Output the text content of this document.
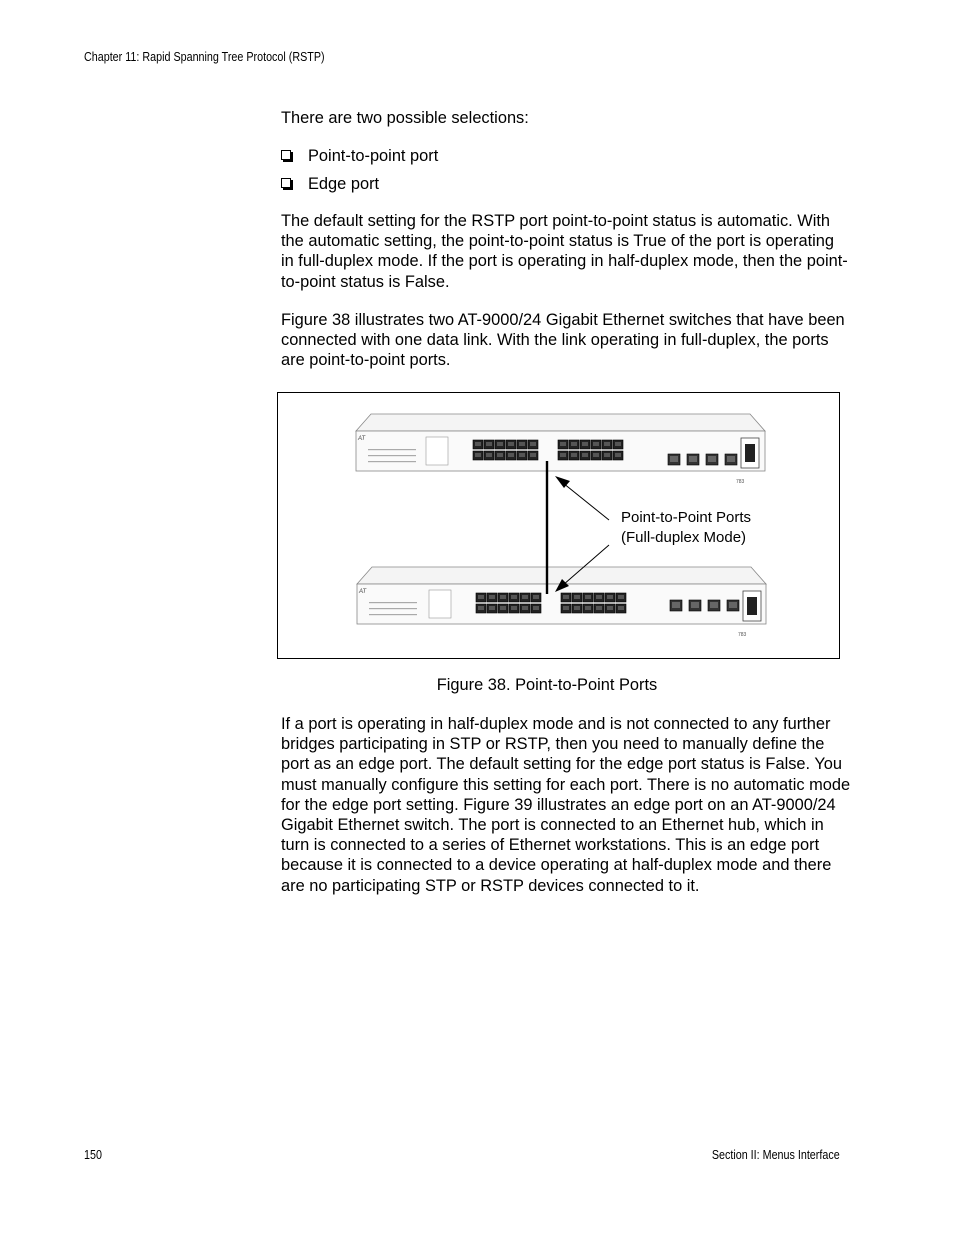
Chapter 11: Rapid Spanning Tree Protocol (RSTP)

There are two possible selections:

Point-to-point port
Edge port

The default setting for the RSTP port point-to-point status is automatic. With the automatic setting, the point-to-point status is True of the port is operating in full-duplex mode. If the port is operating in half-duplex mode, then the point-to-point status is False.

Figure 38 illustrates two AT-9000/24 Gigabit Ethernet switches that have been connected with one data link. With the link operating in full-duplex, the ports are point-to-point ports.

AT
783
AT
783
Point-to-Point Ports
(Full-duplex Mode)
Figure 38. Point-to-Point Ports

If a port is operating in half-duplex mode and is not connected to any further bridges participating in STP or RSTP, then you need to manually define the port as an edge port. The default setting for the edge port status is False. You must manually configure this setting for each port. There is no automatic mode for the edge port setting. Figure 39 illustrates an edge port on an AT-9000/24 Gigabit Ethernet switch. The port is connected to an Ethernet hub, which in turn is connected to a series of Ethernet workstations. This is an edge port because it is connected to a device operating at half-duplex mode and there are no participating STP or RSTP devices connected to it.

150	Section II: Menus Interface
